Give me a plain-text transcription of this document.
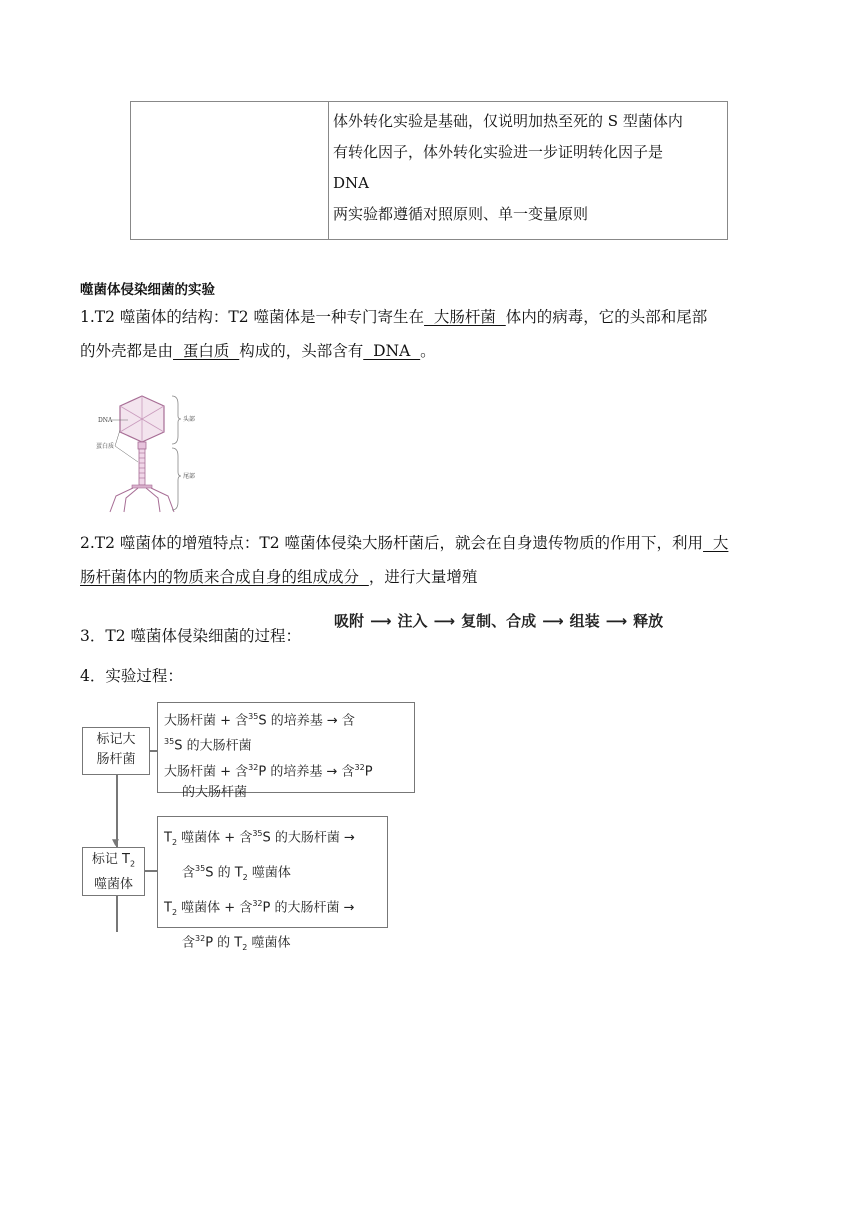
体外转化实验是基础，仅说明加热至死的 S 型菌体内
有转化因子，体外转化实验进一步证明转化因子是
DNA
两实验都遵循对照原则、单一变量原则
噬菌体侵染细菌的实验
1.T2 噬菌体的结构：T2 噬菌体是一种专门寄生在  大肠杆菌  体内的病毒，它的头部和尾部
的外壳都是由  蛋白质  构成的，头部含有  DNA  。
DNA
蛋白质
头部
尾部
2.T2 噬菌体的增殖特点：T2 噬菌体侵染大肠杆菌后，就会在自身遗传物质的作用下，利用  大
肠杆菌体内的物质来合成自身的组成成分  ，进行大量增殖
吸附 ⟶ 注入 ⟶ 复制、合成 ⟶ 组装 ⟶ 释放
3．T2 噬菌体侵染细菌的过程：
4．实验过程：
标记大
肠杆菌
大肠杆菌 + 含$^{35}$S 的培养基 → 含
$^{35}$S 的大肠杆菌
大肠杆菌 + 含$^{32}$P 的培养基 → 含$^{32}$P
的大肠杆菌
▼
标记 $T_2$
噬菌体
$T_2$ 噬菌体 + 含$^{35}$S 的大肠杆菌 →
含$^{35}$S 的 $T_2$ 噬菌体
$T_2$ 噬菌体 + 含$^{32}$P 的大肠杆菌 →
含$^{32}$P 的 $T_2$ 噬菌体
